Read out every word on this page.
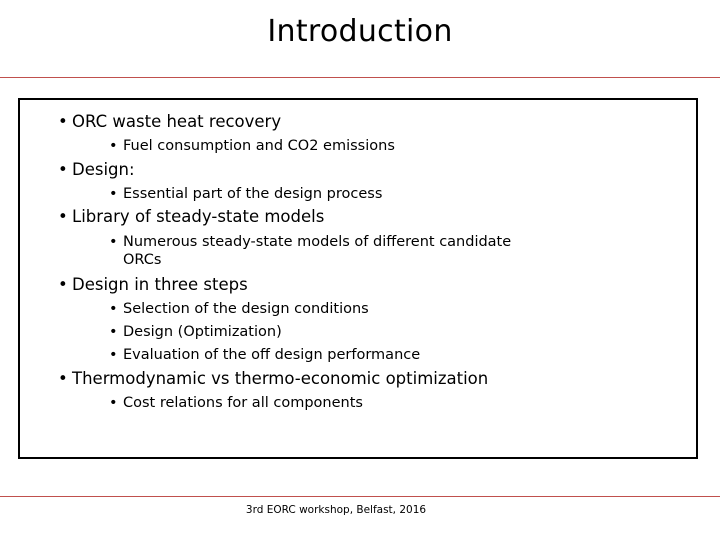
Introduction
• ORC waste heat recovery
• Fuel consumption and CO2 emissions
• Design:
• Essential part of the design process
• Library of steady-state models
• Numerous steady-state models of different candidate ORCs
• Design in three steps
• Selection of the design conditions
• Design (Optimization)
• Evaluation of the off design performance
• Thermodynamic vs thermo-economic optimization
• Cost relations for all components
3rd EORC workshop, Belfast, 2016
